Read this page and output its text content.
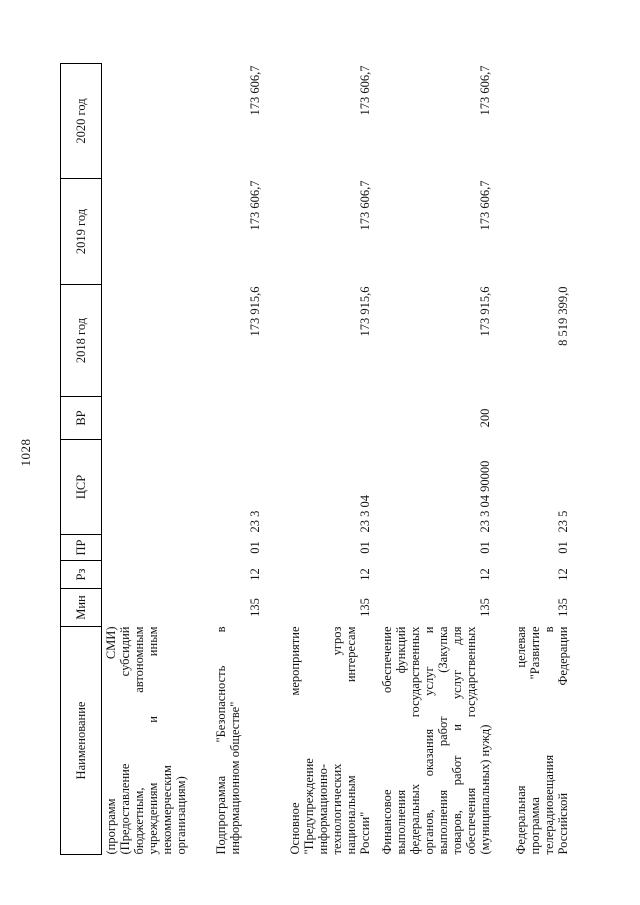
1028
Наименование	Мин	Рз	ПР	ЦСР	ВР	2018 год	2019 год	2020 год

(программ
СМИ)
(Предоставление
субсидий
бюджетным,
автономным
учреждениям
и
иным
некоммерческим организациям)

Подпрограмма
"Безопасность
в
информационном обществе"	135	12	01	23 3		173 915,6	173 606,7	173 606,7

Основное
мероприятие
"Предупреждение информационно- технологических
угроз
национальным
интересам
России"
	135	12	01	23 3 04		173 915,6	173 606,7	173 606,7

Финансовое
обеспечение
выполнения
функций
федеральных
государственных
органов,
оказания
услуг
и
выполнения
работ
(Закупка
товаров,
работ
и
услуг
для
обеспечения
государственных
(муниципальных) нужд)
	135	12	01	23 3 04 90000	200	173 915,6	173 606,7	173 606,7

Федеральная
целевая
программа
"Развитие
телерадиовещания
в
Российской
Федерации
	135	12	01	23 5		8 519 399,0		
